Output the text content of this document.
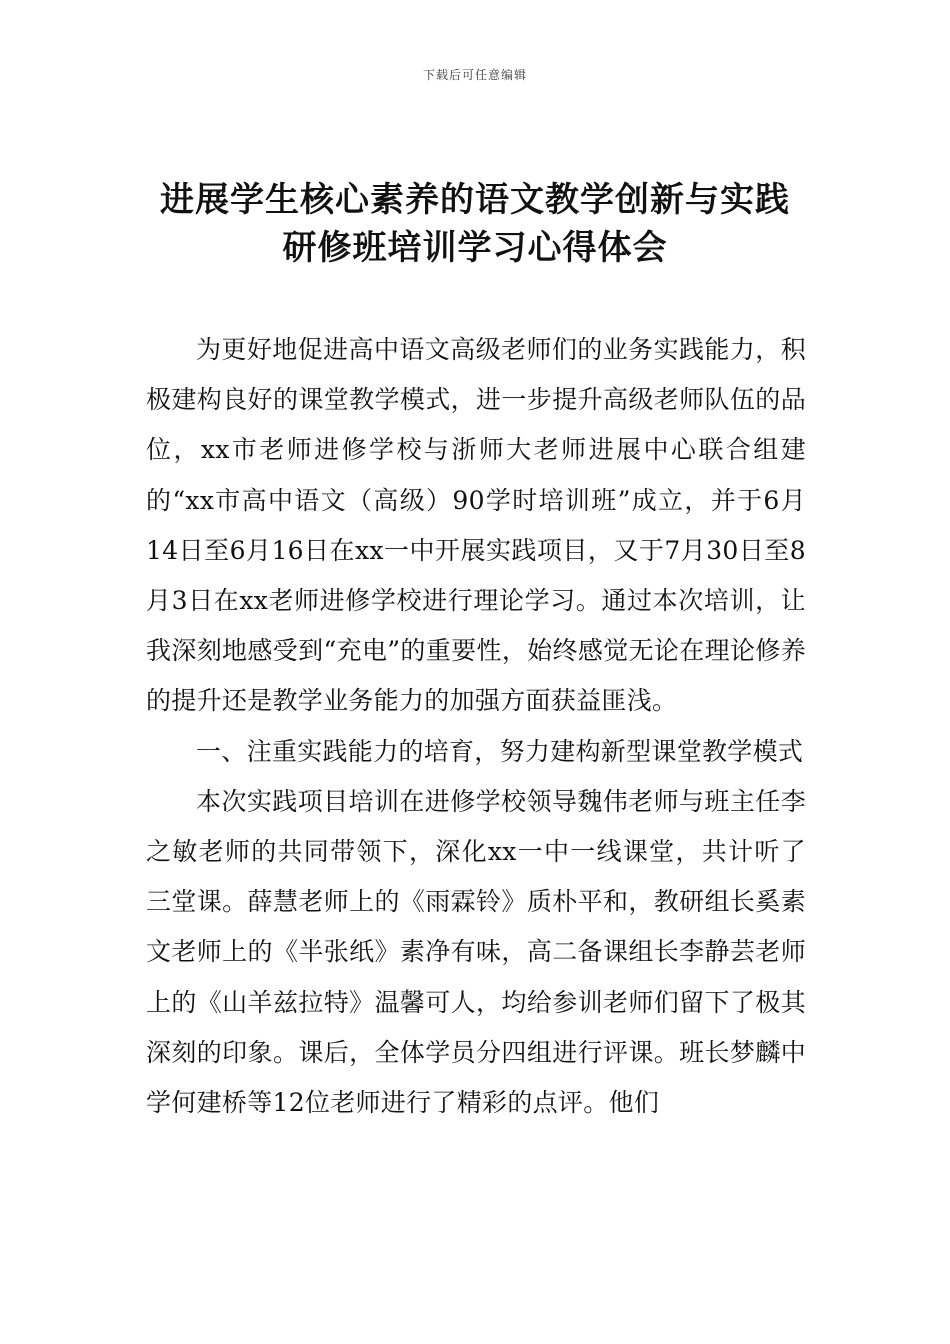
下载后可任意编辑
进展学生核心素养的语文教学创新与实践
研修班培训学习心得体会

为更好地促进高中语文高级老师们的业务实践能力，积极建构良好的课堂教学模式，进一步提升高级老师队伍的品位，xx市老师进修学校与浙师大老师进展中心联合组建的“xx市高中语文（高级）90学时培训班”成立，并于6月14日至6月16日在xx一中开展实践项目，又于7月30日至8月3日在xx老师进修学校进行理论学习。通过本次培训，让我深刻地感受到“充电”的重要性，始终感觉无论在理论修养的提升还是教学业务能力的加强方面获益匪浅。

一、注重实践能力的培育，努力建构新型课堂教学模式

本次实践项目培训在进修学校领导魏伟老师与班主任李之敏老师的共同带领下，深化xx一中一线课堂，共计听了三堂课。薛慧老师上的《雨霖铃》质朴平和，教研组长奚素文老师上的《半张纸》素净有味，高二备课组长李静芸老师上的《山羊兹拉特》温馨可人，均给参训老师们留下了极其深刻的印象。课后，全体学员分四组进行评课。班长梦麟中学何建桥等12位老师进行了精彩的点评。他们
